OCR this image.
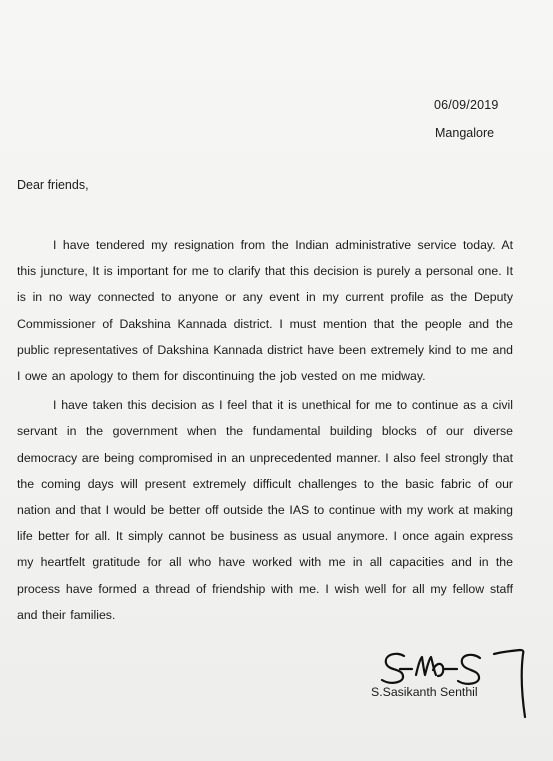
06/09/2019
Mangalore
Dear friends,

I have tendered my resignation from the Indian administrative service today. At this juncture, It is important for me to clarify that this decision is purely a personal one. It is in no way connected to anyone or any event in my current profile as the Deputy Commissioner of Dakshina Kannada district. I must mention that the people and the public representatives of Dakshina Kannada district have been extremely kind to me and I owe an apology to them for discontinuing the job vested on me midway.

I have taken this decision as I feel that it is unethical for me to continue as a civil servant in the government when the fundamental building blocks of our diverse democracy are being compromised in an unprecedented manner. I also feel strongly that the coming days will present extremely difficult challenges to the basic fabric of our nation and that I would be better off outside the IAS to continue with my work at making life better for all. It simply cannot be business as usual anymore. I once again express my heartfelt gratitude for all who have worked with me in all capacities and in the process have formed a thread of friendship with me. I wish well for all my fellow staff and their families.

S.Sasikanth Senthil
